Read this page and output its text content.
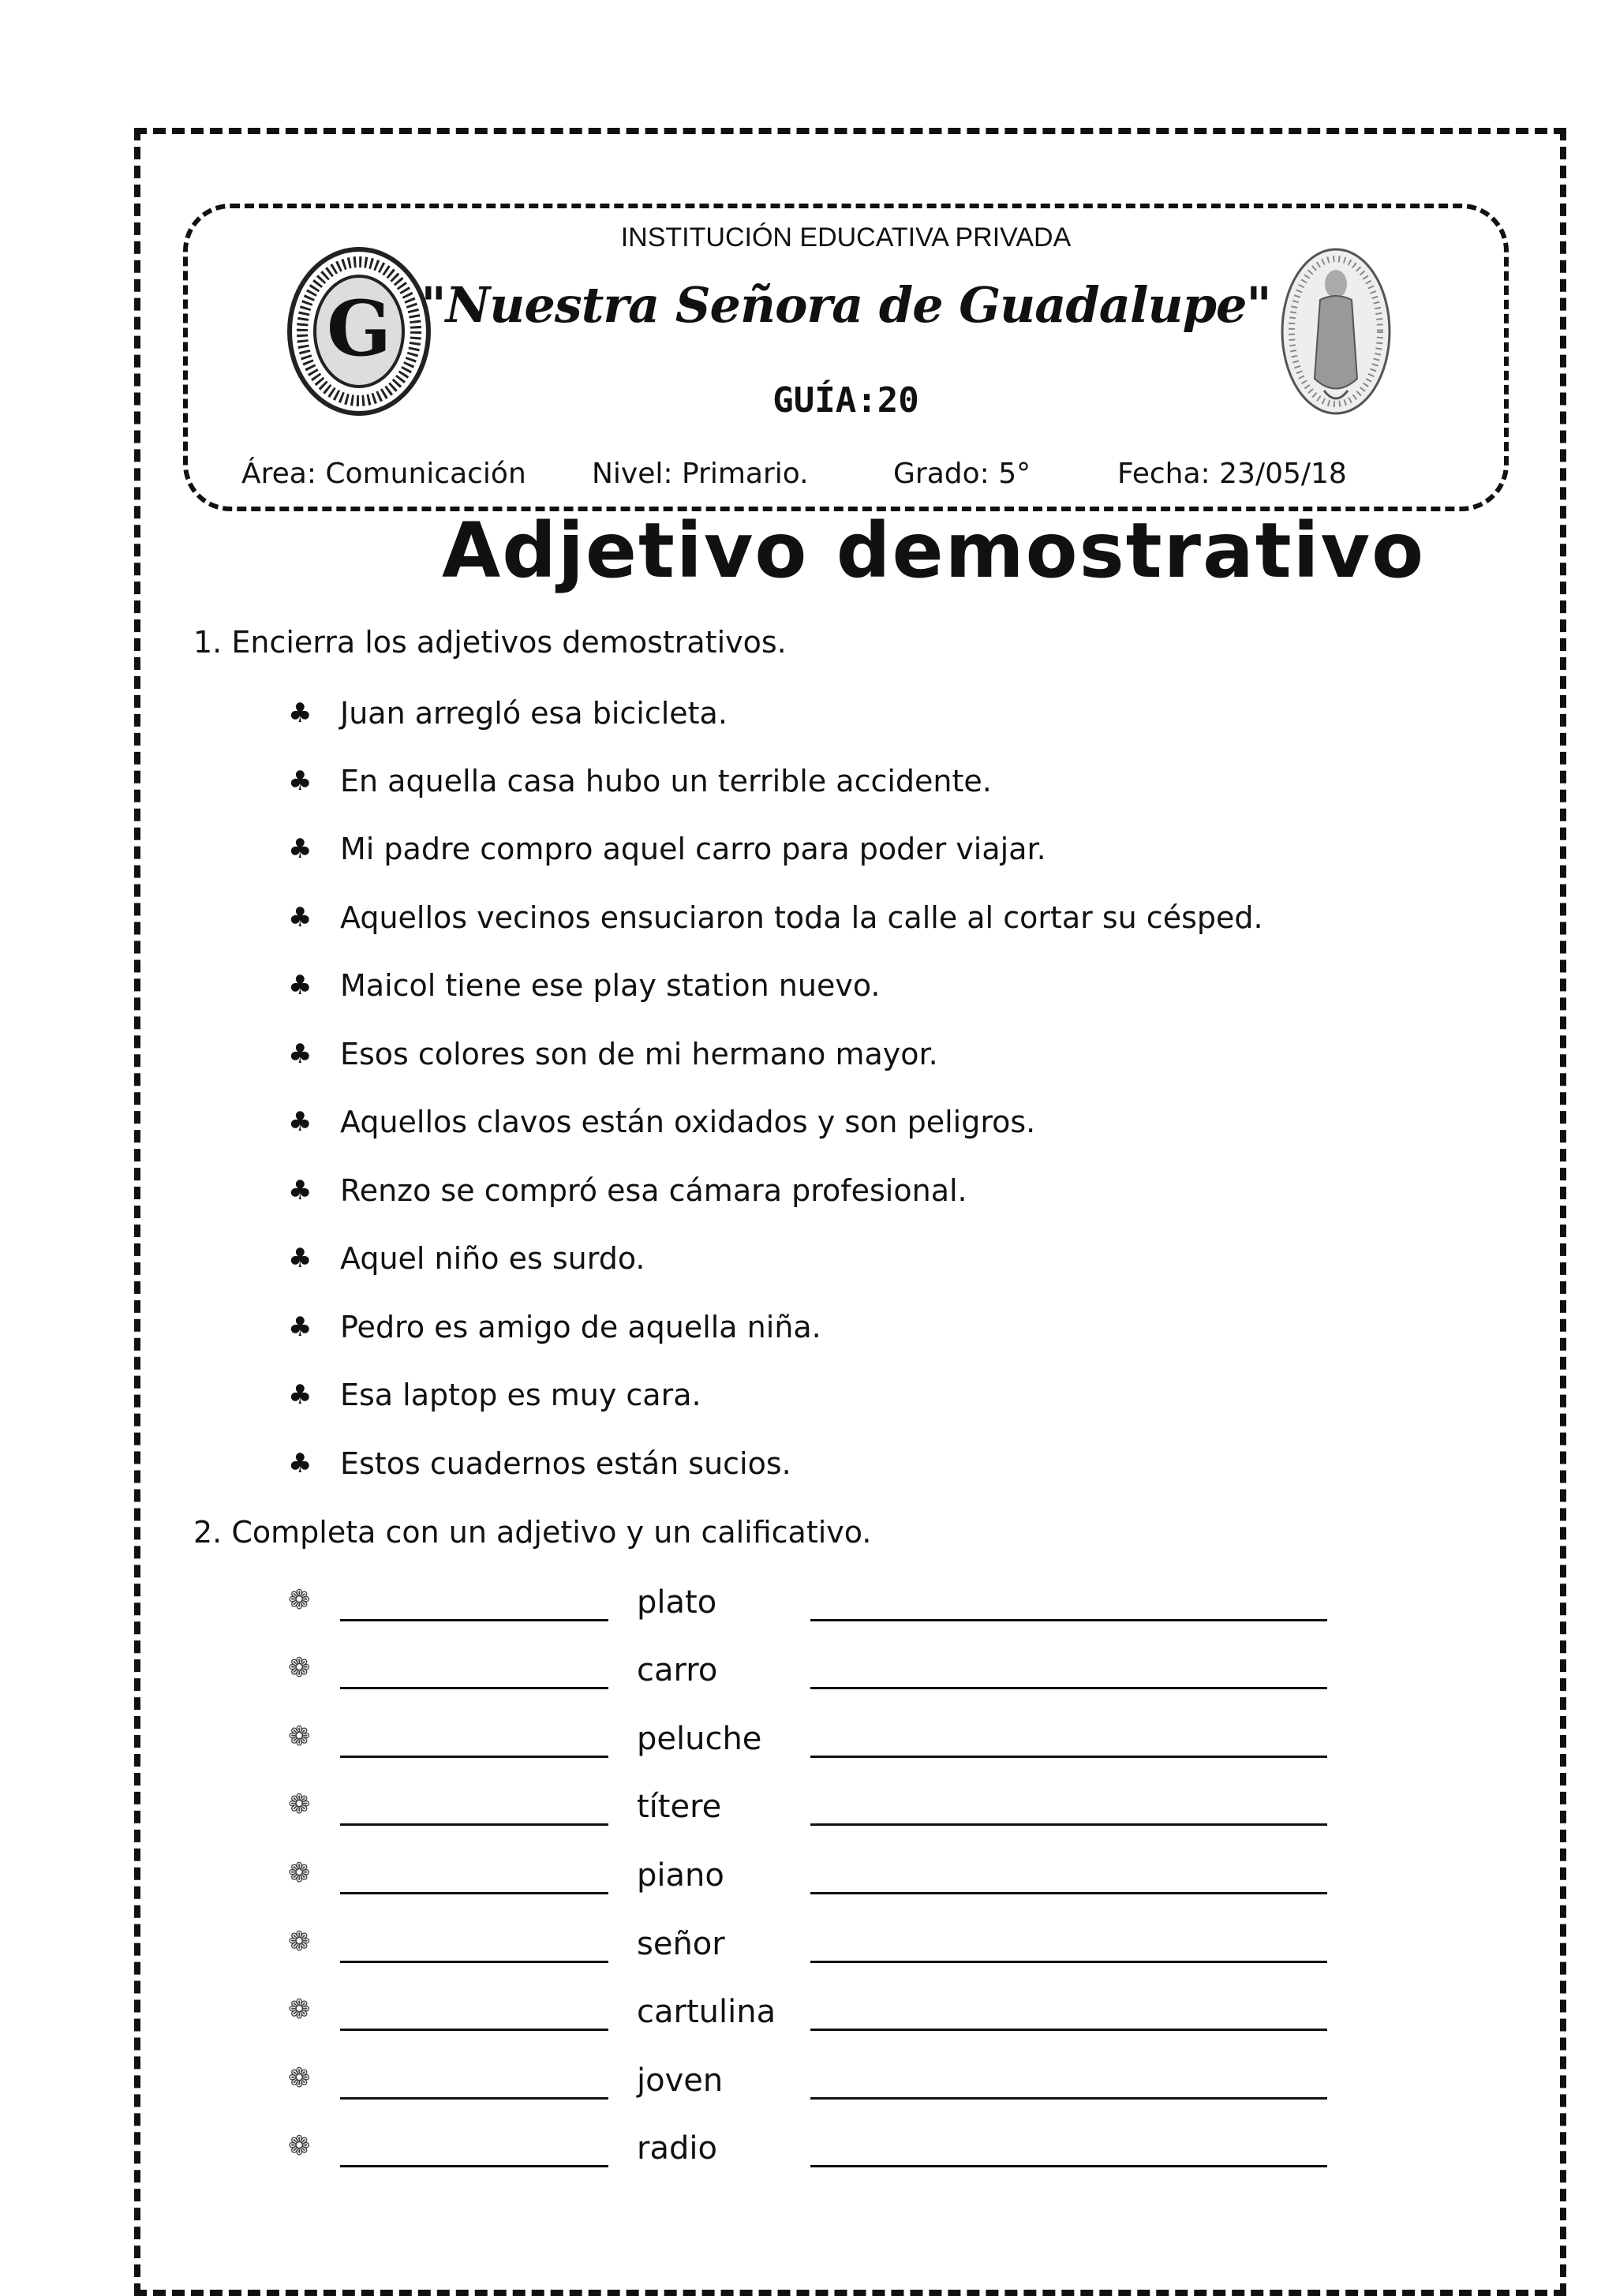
INSTITUCIÓN EDUCATIVA PRIVADA
"Nuestra Señora de Guadalupe"
GUÍA:20
G
Área: Comunicación Nivel: Primario.	Grado: 5°	Fecha: 23/05/18
Adjetivo demostrativo
1. Encierra los adjetivos demostrativos.
♣ Juan arregló esa bicicleta.
♣ En aquella casa hubo un terrible accidente.
♣ Mi padre compro aquel carro para poder viajar.
♣ Aquellos vecinos ensuciaron toda la calle al cortar su césped.
♣ Maicol tiene ese play station nuevo.
♣ Esos colores son de mi hermano mayor.
♣ Aquellos clavos están oxidados y son peligros.
♣ Renzo se compró esa cámara profesional.
♣ Aquel niño es surdo.
♣ Pedro es amigo de aquella niña.
♣ Esa laptop es muy cara.
♣ Estos cuadernos están sucios.
2. Completa con un adjetivo y un calificativo.
❁	plato
❁	carro
❁	peluche
❁	títere
❁	piano
❁	señor
❁	cartulina
❁	joven
❁	radio
